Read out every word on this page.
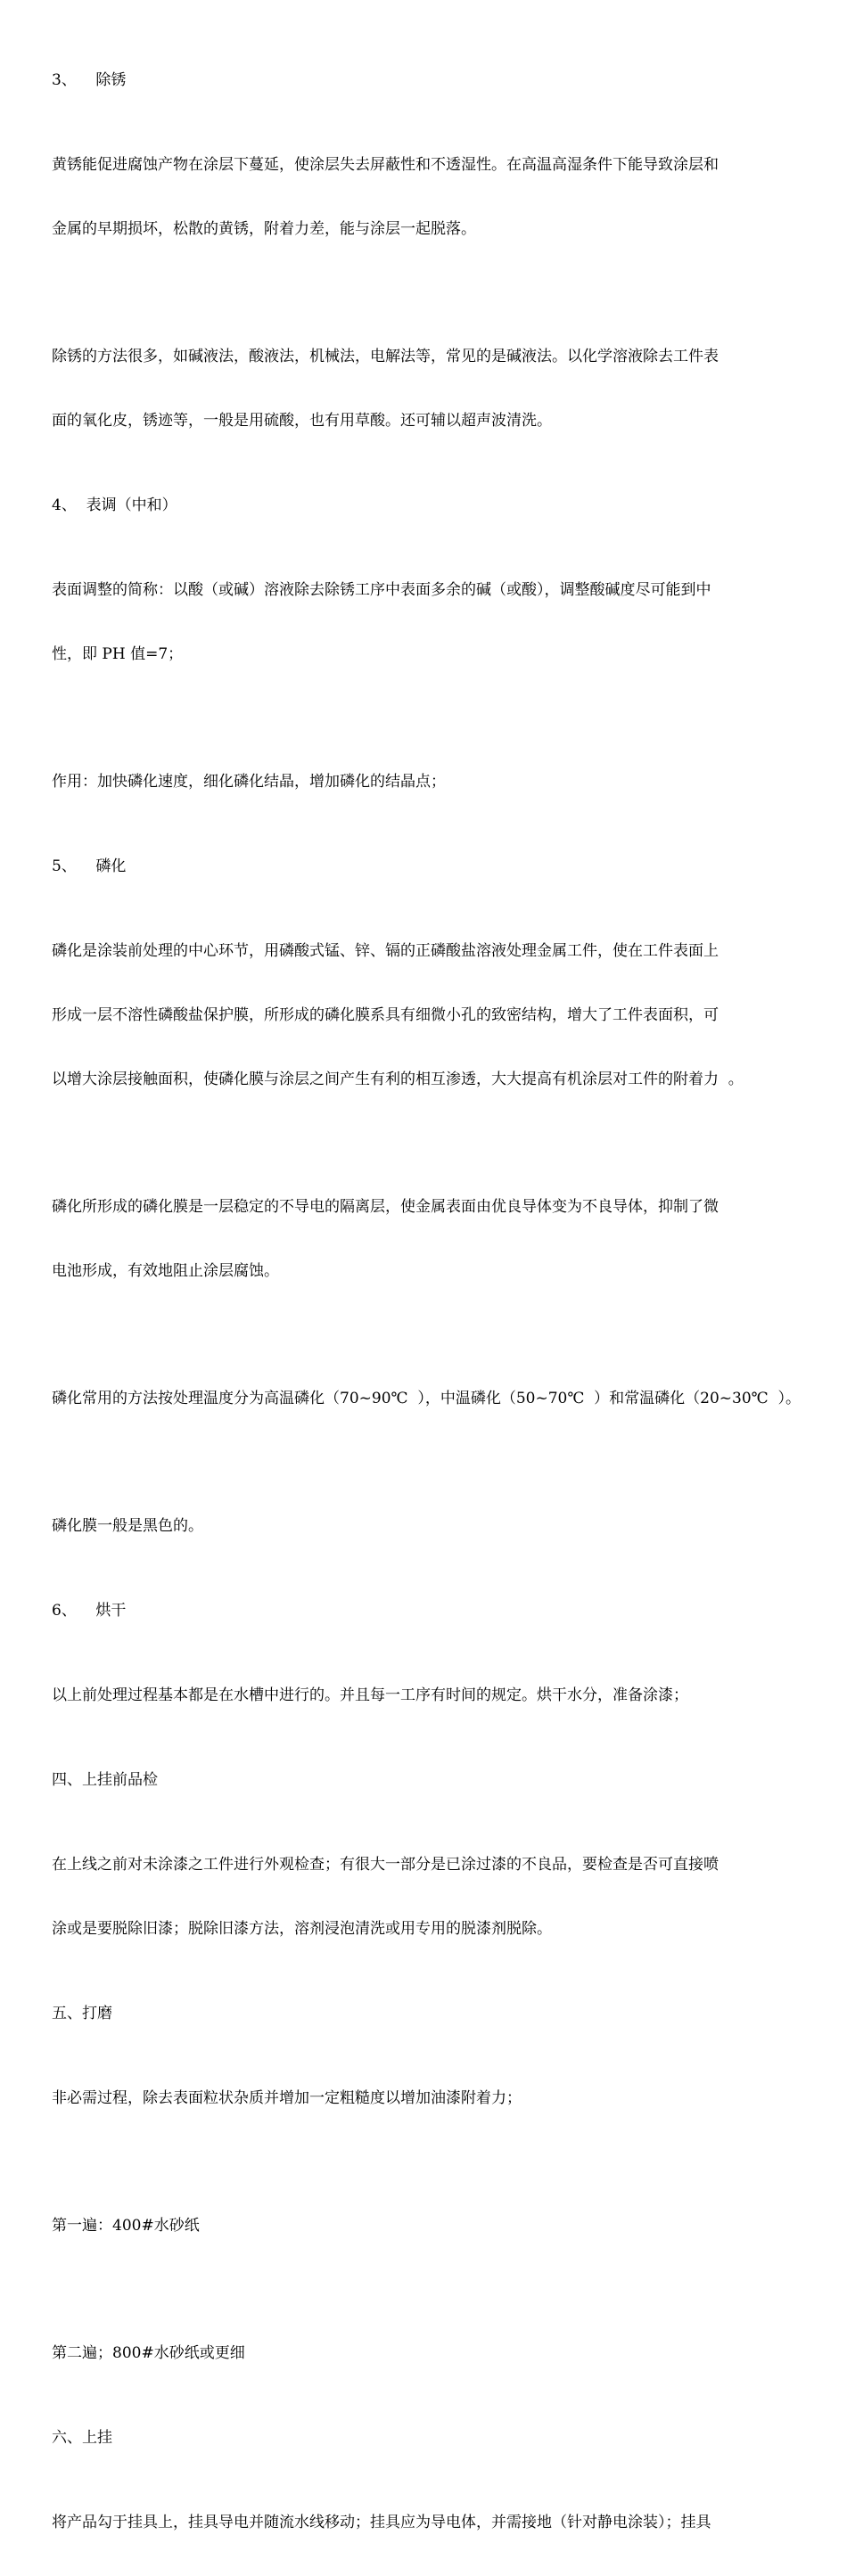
3、    除锈

黄锈能促进腐蚀产物在涂层下蔓延，使涂层失去屏蔽性和不透湿性。在高温高湿条件下能导致涂层和

金属的早期损坏，松散的黄锈，附着力差，能与涂层一起脱落。

除锈的方法很多，如碱液法，酸液法，机械法，电解法等，常见的是碱液法。以化学溶液除去工件表

面的氧化皮，锈迹等，一般是用硫酸，也有用草酸。还可辅以超声波清洗。

4、  表调（中和）

表面调整的简称：以酸（或碱）溶液除去除锈工序中表面多余的碱（或酸），调整酸碱度尽可能到中

性，即 PH 值=7；

作用：加快磷化速度，细化磷化结晶，增加磷化的结晶点；

5、    磷化

磷化是涂装前处理的中心环节，用磷酸式锰、锌、镉的正磷酸盐溶液处理金属工件，使在工件表面上

形成一层不溶性磷酸盐保护膜，所形成的磷化膜系具有细微小孔的致密结构，增大了工件表面积，可

以增大涂层接触面积，使磷化膜与涂层之间产生有利的相互渗透，大大提高有机涂层对工件的附着力  。

磷化所形成的磷化膜是一层稳定的不导电的隔离层，使金属表面由优良导体变为不良导体，抑制了微

电池形成，有效地阻止涂层腐蚀。

磷化常用的方法按处理温度分为高温磷化（70~90℃  ），中温磷化（50~70℃  ）和常温磷化（20~30℃  ）。

磷化膜一般是黑色的。

6、    烘干

以上前处理过程基本都是在水槽中进行的。并且每一工序有时间的规定。烘干水分，准备涂漆；

四、上挂前品检

在上线之前对未涂漆之工件进行外观检查；有很大一部分是已涂过漆的不良品，要检查是否可直接喷

涂或是要脱除旧漆；脱除旧漆方法，溶剂浸泡清洗或用专用的脱漆剂脱除。

五、打磨

非必需过程，除去表面粒状杂质并增加一定粗糙度以增加油漆附着力；

第一遍：400#水砂纸

第二遍；800#水砂纸或更细

六、上挂

将产品勾于挂具上，挂具导电并随流水线移动；挂具应为导电体，并需接地（针对静电涂装）；挂具
